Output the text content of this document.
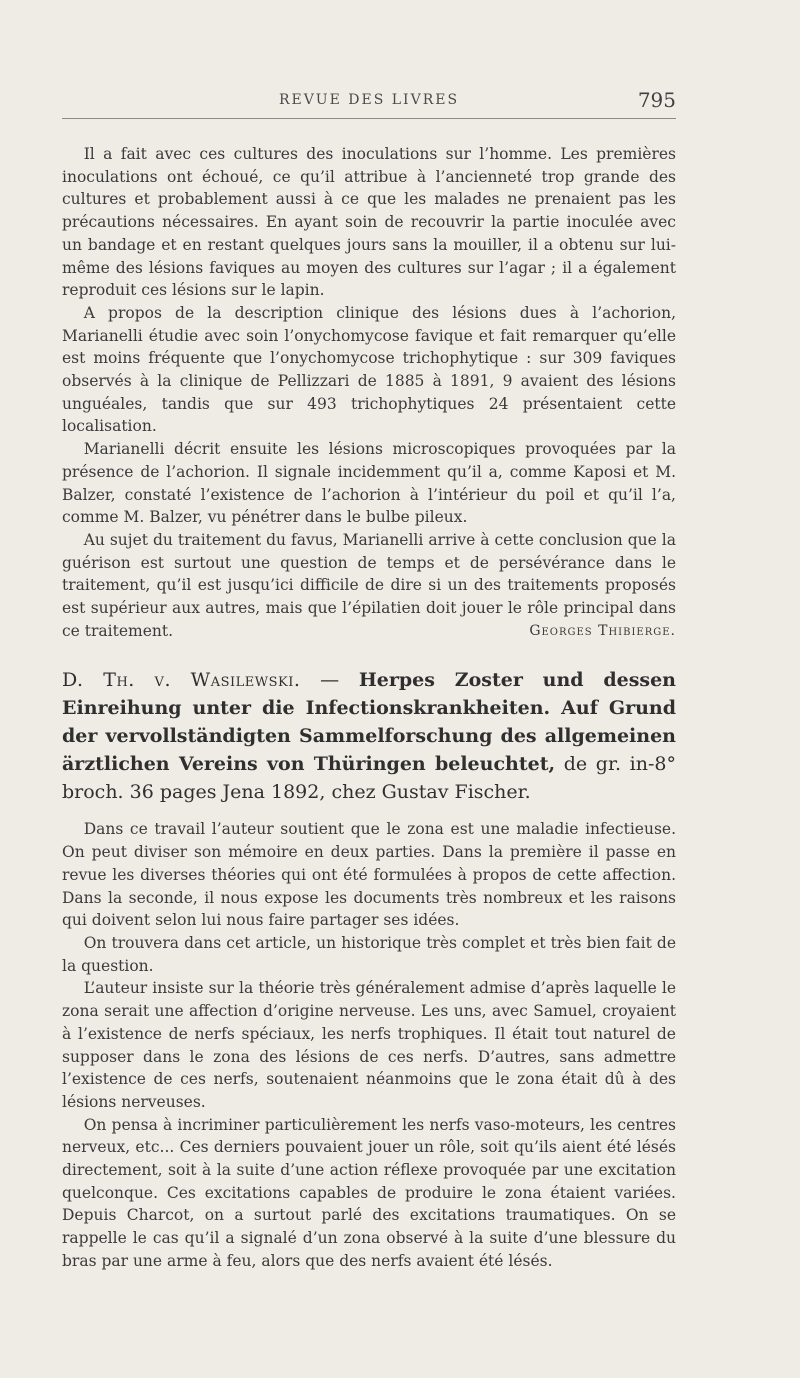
REVUE DES LIVRES	795

Il a fait avec ces cultures des inoculations sur l’homme. Les premières inoculations ont échoué, ce qu’il attribue à l’ancienneté trop grande des cultures et probablement aussi à ce que les malades ne prenaient pas les précautions nécessaires. En ayant soin de recouvrir la partie inoculée avec un bandage et en restant quelques jours sans la mouiller, il a obtenu sur lui-même des lésions faviques au moyen des cultures sur l’agar ; il a également reproduit ces lésions sur le lapin.

A propos de la description clinique des lésions dues à l’achorion, Marianelli étudie avec soin l’onychomycose favique et fait remarquer qu’elle est moins fréquente que l’onychomycose trichophytique : sur 309 faviques observés à la clinique de Pellizzari de 1885 à 1891, 9 avaient des lésions unguéales, tandis que sur 493 trichophytiques 24 présentaient cette localisation.

Marianelli décrit ensuite les lésions microscopiques provoquées par la présence de l’achorion. Il signale incidemment qu’il a, comme Kaposi et M. Balzer, constaté l’existence de l’achorion à l’intérieur du poil et qu’il l’a, comme M. Balzer, vu pénétrer dans le bulbe pileux.

Au sujet du traitement du favus, Marianelli arrive à cette conclusion que la guérison est surtout une question de temps et de persévérance dans le traitement, qu’il est jusqu’ici difficile de dire si un des traitements proposés est supérieur aux autres, mais que l’épilatien doit jouer le rôle principal dans ce traitement.	Georges Thibierge.

D. Th. v. Wasilewski. — Herpes Zoster und dessen Einreihung unter die Infectionskrankheiten. Auf Grund der vervollständigten Sammelforschung des allgemeinen ärztlichen Vereins von Thüringen beleuchtet, de gr. in-8° broch. 36 pages Jena 1892, chez Gustav Fischer.

Dans ce travail l’auteur soutient que le zona est une maladie infectieuse. On peut diviser son mémoire en deux parties. Dans la première il passe en revue les diverses théories qui ont été formulées à propos de cette affection. Dans la seconde, il nous expose les documents très nombreux et les raisons qui doivent selon lui nous faire partager ses idées.

On trouvera dans cet article, un historique très complet et très bien fait de la question.

L’auteur insiste sur la théorie très généralement admise d’après laquelle le zona serait une affection d’origine nerveuse. Les uns, avec Samuel, croyaient à l’existence de nerfs spéciaux, les nerfs trophiques. Il était tout naturel de supposer dans le zona des lésions de ces nerfs. D’autres, sans admettre l’existence de ces nerfs, soutenaient néanmoins que le zona était dû à des lésions nerveuses.

On pensa à incriminer particulièrement les nerfs vaso-moteurs, les centres nerveux, etc... Ces derniers pouvaient jouer un rôle, soit qu’ils aient été lésés directement, soit à la suite d’une action réflexe provoquée par une excitation quelconque. Ces excitations capables de produire le zona étaient variées. Depuis Charcot, on a surtout parlé des excitations traumatiques. On se rappelle le cas qu’il a signalé d’un zona observé à la suite d’une blessure du bras par une arme à feu, alors que des nerfs avaient été lésés.
